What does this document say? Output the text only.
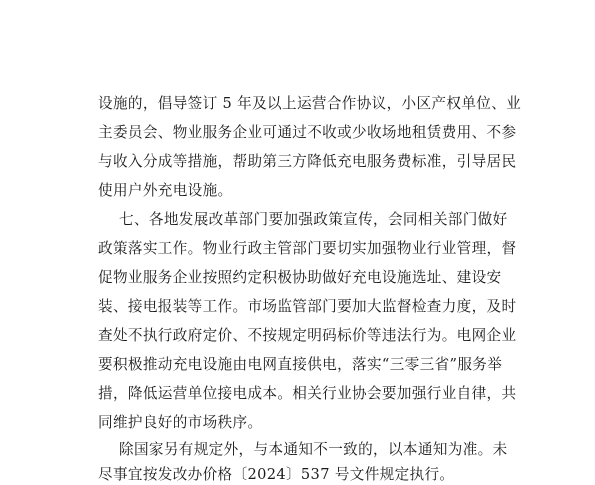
设施的，倡导签订 5 年及以上运营合作协议，小区产权单位、业
主委员会、物业服务企业可通过不收或少收场地租赁费用、不参
与收入分成等措施，帮助第三方降低充电服务费标准，引导居民
使用户外充电设施。
七、各地发展改革部门要加强政策宣传，会同相关部门做好
政策落实工作。物业行政主管部门要切实加强物业行业管理，督
促物业服务企业按照约定积极协助做好充电设施选址、建设安
装、接电报装等工作。市场监管部门要加大监督检查力度，及时
查处不执行政府定价、不按规定明码标价等违法行为。电网企业
要积极推动充电设施由电网直接供电，落实“三零三省”服务举
措，降低运营单位接电成本。相关行业协会要加强行业自律，共
同维护良好的市场秩序。
除国家另有规定外，与本通知不一致的，以本通知为准。未
尽事宜按发改办价格〔2024〕537 号文件规定执行。
